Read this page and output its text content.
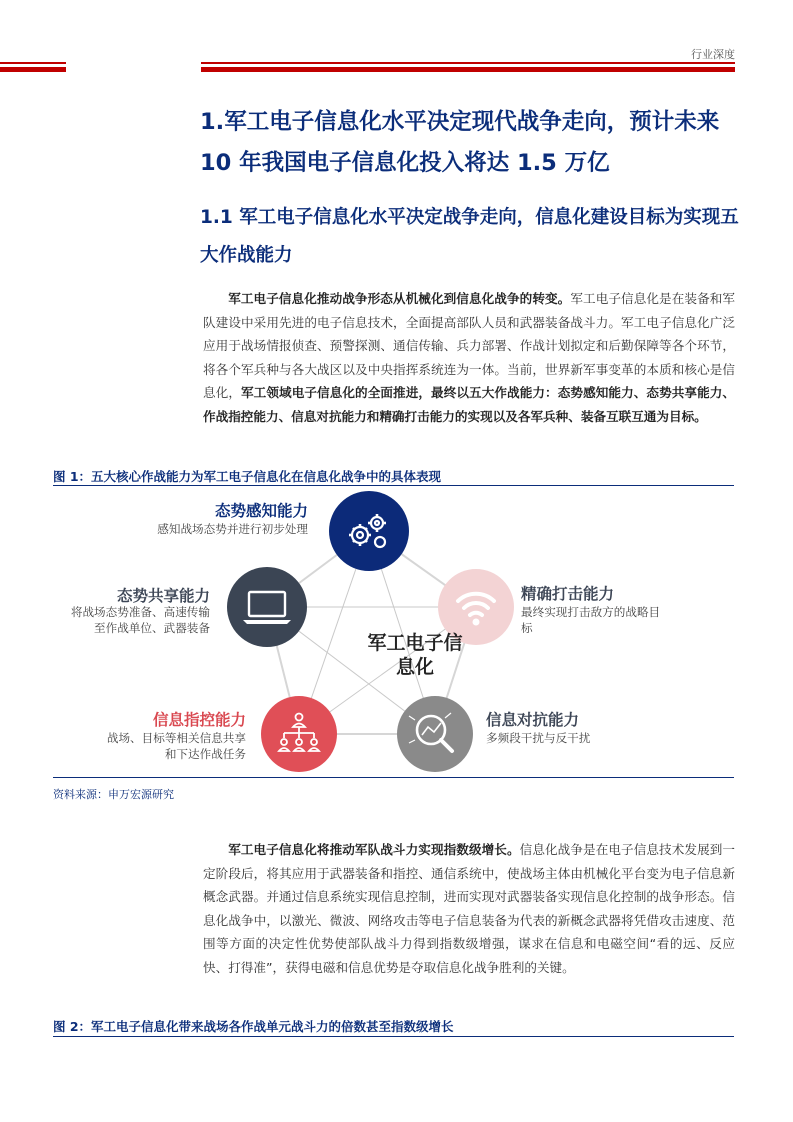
行业深度
1.军工电子信息化水平决定现代战争走向，预计未来 10 年我国电子信息化投入将达 1.5 万亿
1.1 军工电子信息化水平决定战争走向，信息化建设目标为实现五大作战能力

军工电子信息化推动战争形态从机械化到信息化战争的转变。军工电子信息化是在装备和军队建设中采用先进的电子信息技术，全面提高部队人员和武器装备战斗力。军工电子信息化广泛应用于战场情报侦查、预警探测、通信传输、兵力部署、作战计划拟定和后勤保障等各个环节，将各个军兵种与各大战区以及中央指挥系统连为一体。当前，世界新军事变革的本质和核心是信息化，军工领域电子信息化的全面推进，最终以五大作战能力：态势感知能力、态势共享能力、作战指控能力、信息对抗能力和精确打击能力的实现以及各军兵种、装备互联互通为目标。

图 1：五大核心作战能力为军工电子信息化在信息化战争中的具体表现
军工电子信息化
态势感知能力
感知战场态势并进行初步处理
精确打击能力
最终实现打击敌方的战略目标
信息对抗能力
多频段干扰与反干扰
信息指控能力
战场、目标等相关信息共享和下达作战任务
态势共享能力
将战场态势准备、高速传输至作战单位、武器装备
资料来源：申万宏源研究

军工电子信息化将推动军队战斗力实现指数级增长。信息化战争是在电子信息技术发展到一定阶段后，将其应用于武器装备和指控、通信系统中，使战场主体由机械化平台变为电子信息新概念武器。并通过信息系统实现信息控制，进而实现对武器装备实现信息化控制的战争形态。信息化战争中，以激光、微波、网络攻击等电子信息装备为代表的新概念武器将凭借攻击速度、范围等方面的决定性优势使部队战斗力得到指数级增强，谋求在信息和电磁空间“看的远、反应快、打得准”，获得电磁和信息优势是夺取信息化战争胜利的关键。

图 2：军工电子信息化带来战场各作战单元战斗力的倍数甚至指数级增长
